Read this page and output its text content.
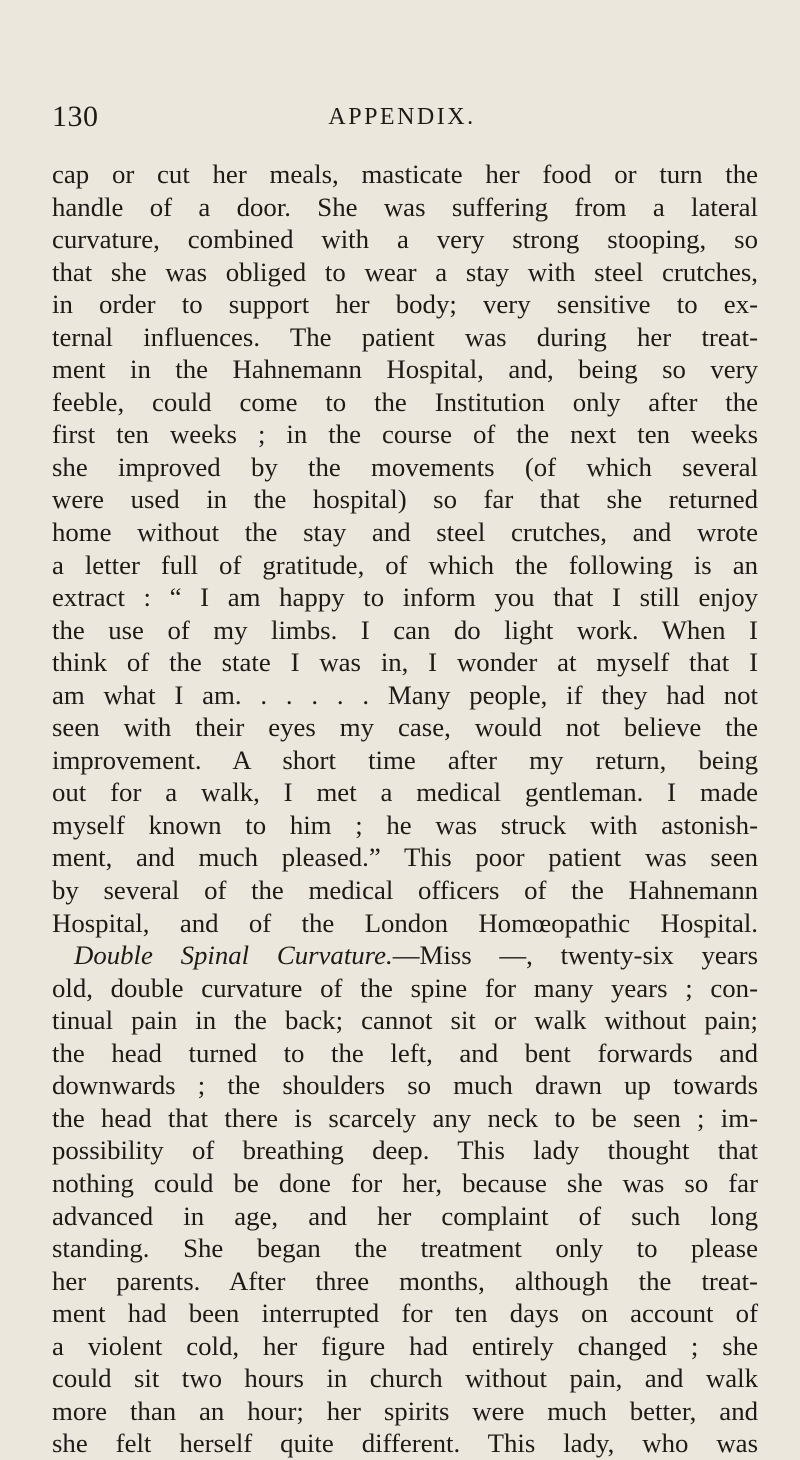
130	APPENDIX.
cap or cut her meals, masticate her food or turn the
handle of a door. She was suffering from a lateral
curvature, combined with a very strong stooping, so
that she was obliged to wear a stay with steel crutches,
in order to support her body; very sensitive to ex-
ternal influences. The patient was during her treat-
ment in the Hahnemann Hospital, and, being so very
feeble, could come to the Institution only after the
first ten weeks ; in the course of the next ten weeks
she improved by the movements (of which several
were used in the hospital) so far that she returned
home without the stay and steel crutches, and wrote
a letter full of gratitude, of which the following is an
extract : “ I am happy to inform you that I still enjoy
the use of my limbs. I can do light work. When I
think of the state I was in, I wonder at myself that I
am what I am. . . . . . Many people, if they had not
seen with their eyes my case, would not believe the
improvement. A short time after my return, being
out for a walk, I met a medical gentleman. I made
myself known to him ; he was struck with astonish-
ment, and much pleased.” This poor patient was seen
by several of the medical officers of the Hahnemann
Hospital, and of the London Homœopathic Hospital.
Double Spinal Curvature.—Miss —, twenty-six years
old, double curvature of the spine for many years ; con-
tinual pain in the back; cannot sit or walk without pain;
the head turned to the left, and bent forwards and
downwards ; the shoulders so much drawn up towards
the head that there is scarcely any neck to be seen ; im-
possibility of breathing deep. This lady thought that
nothing could be done for her, because she was so far
advanced in age, and her complaint of such long
standing. She began the treatment only to please
her parents. After three months, although the treat-
ment had been interrupted for ten days on account of
a violent cold, her figure had entirely changed ; she
could sit two hours in church without pain, and walk
more than an hour; her spirits were much better, and
she felt herself quite different. This lady, who was
